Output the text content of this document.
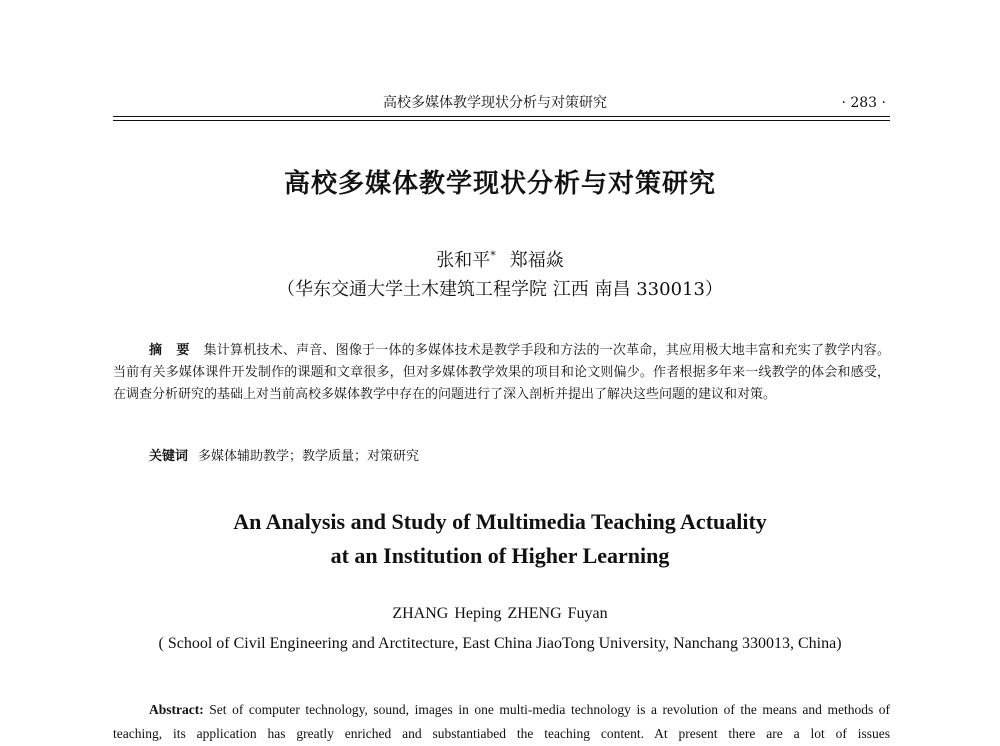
高校多媒体教学现状分析与对策研究	· 283 ·
高校多媒体教学现状分析与对策研究
张和平* 郑福焱
（华东交通大学土木建筑工程学院 江西 南昌 330013）
摘 要 集计算机技术、声音、图像于一体的多媒体技术是教学手段和方法的一次革命，其应用极大地丰富和充实了教学内容。当前有关多媒体课件开发制作的课题和文章很多，但对多媒体教学效果的项目和论文则偏少。作者根据多年来一线教学的体会和感受，在调查分析研究的基础上对当前高校多媒体教学中存在的问题进行了深入剖析并提出了解决这些问题的建议和对策。
关键词 多媒体辅助教学；教学质量；对策研究
An Analysis and Study of Multimedia Teaching Actuality
at an Institution of Higher Learning
ZHANG Heping ZHENG Fuyan
( School of Civil Engineering and Arctitecture, East China JiaoTong University, Nanchang 330013, China)
Abstract: Set of computer technology, sound, images in one multi-media technology is a revolution of the means and methods of teaching, its application has greatly enriched and substantiabed the teaching content. At present there are a lot of issues
